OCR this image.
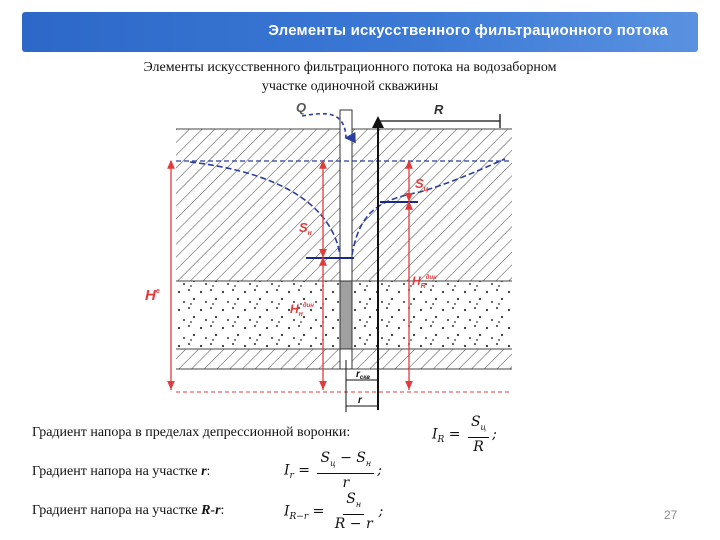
Элементы искусственного фильтрационного потока
Элементы искусственного фильтрационного потока на водозаборном
участке одиночной скважины
Q	R
$H^е$
$S_н$
$H_н^{дин}$
$S_ц$
$H_R^{дин}$
$r_{скв}$
r
Градиент напора в пределах депрессионной воронки:	$I_R = \frac{S_ц}{R}$ ;
Градиент напора на участке r:	$I_r = \frac{S_ц - S_н}{r}$ ;
Градиент напора на участке R-r:	$I_{R-r} = \frac{S_н}{R - r}$ ;	27
